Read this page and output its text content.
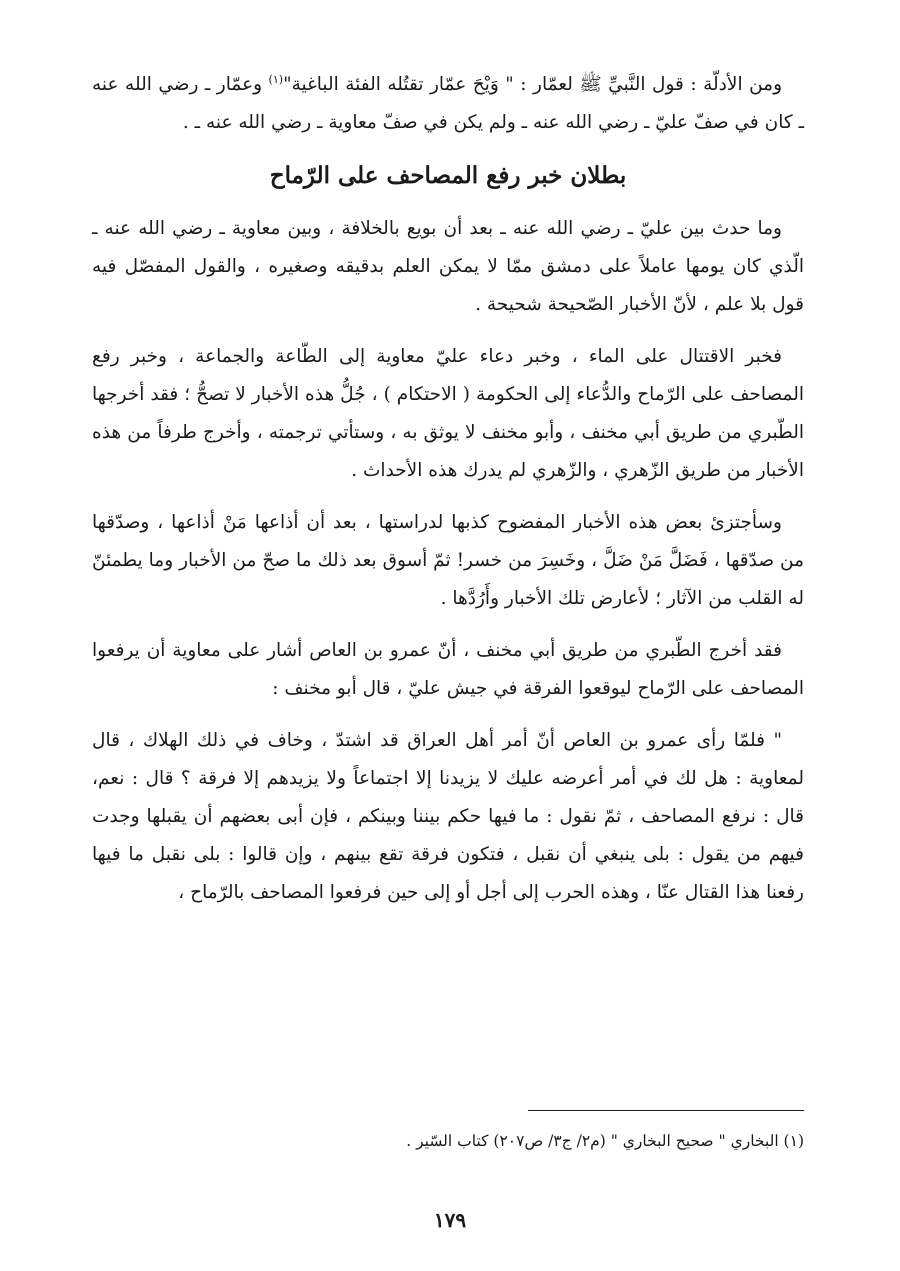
ومن الأدلّة : قول النَّبيِّ ﷺ لعمّار : " وَيْحَ عمّار تقتُله الفئة الباغية"$^{(١)}$ وعمّار ـ رضي الله عنه ـ كان في صفّ عليّ ـ رضي الله عنه ـ ولم يكن في صفّ معاوية ـ رضي الله عنه ـ .

بطلان خبر رفع المصاحف على الرّماح

وما حدث بين عليّ ـ رضي الله عنه ـ بعد أن بويع بالخلافة ، وبين معاوية ـ رضي الله عنه ـ الّذي كان يومها عاملاً على دمشق ممّا لا يمكن العلم بدقيقه وصغيره ، والقول المفصّل فيه قول بلا علم ، لأنّ الأخبار الصّحيحة شحيحة .

فخبر الاقتتال على الماء ، وخبر دعاء عليّ معاوية إلى الطّاعة والجماعة ، وخبر رفع المصاحف على الرّماح والدُّعاء إلى الحكومة ( الاحتكام ) ، جُلُّ هذه الأخبار لا تصحُّ ؛ فقد أخرجها الطّبري من طريق أبي مخنف ، وأبو مخنف لا يوثق به ، وستأتي ترجمته ، وأخرج طرفاً من هذه الأخبار من طريق الزّهري ، والزّهري لم يدرك هذه الأحداث .

وسأجتزئ بعض هذه الأخبار المفضوح كذبها لدراستها ، بعد أن أذاعها مَنْ أذاعها ، وصدّقها من صدّقها ، فَضَلَّ مَنْ ضَلَّ ، وخَسِرَ من خسر! ثمّ أسوق بعد ذلك ما صحّ من الأخبار وما يطمئنّ له القلب من الآثار ؛ لأعارض تلك الأخبار وأَرُدَّها .

فقد أخرج الطّبري من طريق أبي مخنف ، أنّ عمرو بن العاص أشار على معاوية أن يرفعوا المصاحف على الرّماح ليوقعوا الفرقة في جيش عليّ ، قال أبو مخنف :

" فلمّا رأى عمرو بن العاص أنّ أمر أهل العراق قد اشتدّ ، وخاف في ذلك الهلاك ، قال لمعاوية : هل لك في أمر أعرضه عليك لا يزيدنا إلا اجتماعاً ولا يزيدهم إلا فرقة ؟ قال : نعم، قال : نرفع المصاحف ، ثمّ نقول : ما فيها حكم بيننا وبينكم ، فإن أبى بعضهم أن يقبلها وجدت فيهم من يقول : بلى ينبغي أن نقبل ، فتكون فرقة تقع بينهم ، وإن قالوا : بلى نقبل ما فيها رفعنا هذا القتال عنّا ، وهذه الحرب إلى أجل أو إلى حين فرفعوا المصاحف بالرّماح ،

(١) البخاري " صحيح البخاري " (م٢/ ج٣/ ص٢٠٧) كتاب السّير .
١٧٩
